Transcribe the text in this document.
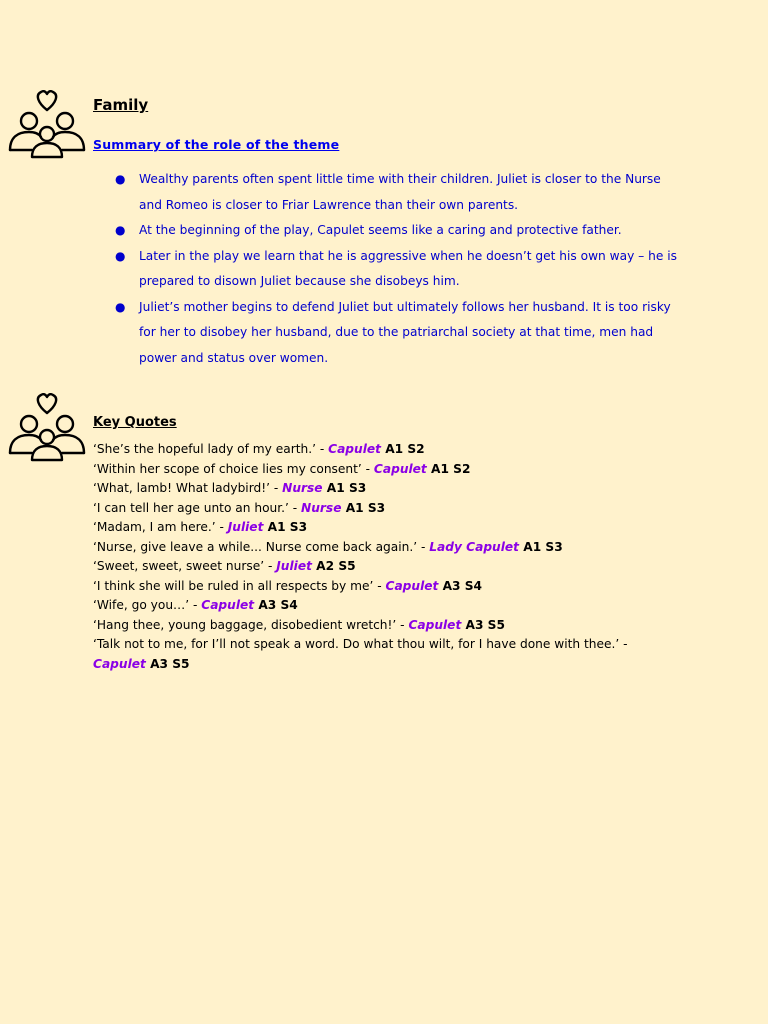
Family
Summary of the role of the theme
● Wealthy parents often spent little time with their children. Juliet is closer to the Nurse and Romeo is closer to Friar Lawrence than their own parents.
● At the beginning of the play, Capulet seems like a caring and protective father.
● Later in the play we learn that he is aggressive when he doesn’t get his own way – he is prepared to disown Juliet because she disobeys him.
● Juliet’s mother begins to defend Juliet but ultimately follows her husband. It is too risky for her to disobey her husband, due to the patriarchal society at that time, men had power and status over women.
Key Quotes
‘She’s the hopeful lady of my earth.’ - Capulet A1 S2
‘Within her scope of choice lies my consent’ - Capulet A1 S2
‘What, lamb! What ladybird!’ - Nurse A1 S3
‘I can tell her age unto an hour.’ - Nurse A1 S3
‘Madam, I am here.’ - Juliet A1 S3
‘Nurse, give leave a while... Nurse come back again.’ - Lady Capulet A1 S3
‘Sweet, sweet, sweet nurse’ - Juliet A2 S5
‘I think she will be ruled in all respects by me’ - Capulet A3 S4
‘Wife, go you…’ - Capulet A3 S4
‘Hang thee, young baggage, disobedient wretch!’ - Capulet A3 S5
‘Talk not to me, for I’ll not speak a word. Do what thou wilt, for I have done with thee.’ - Capulet A3 S5
